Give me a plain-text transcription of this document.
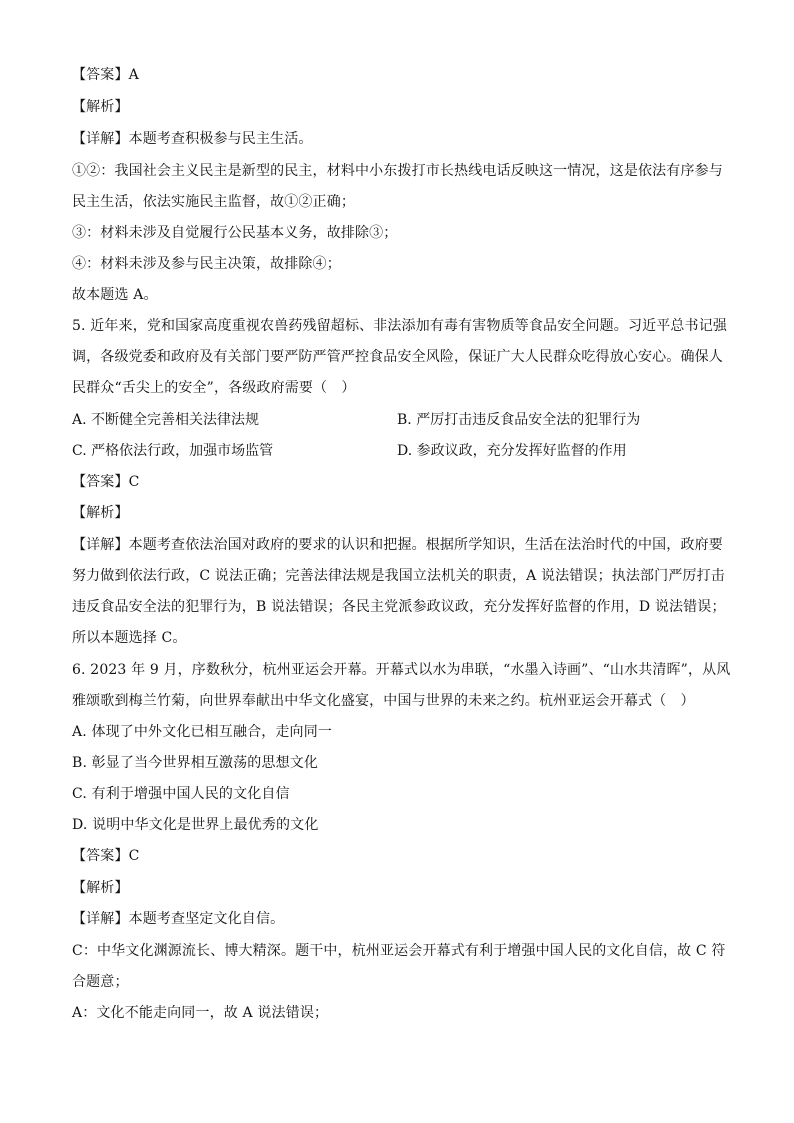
【答案】A
【解析】
【详解】本题考查积极参与民主生活。
①②：我国社会主义民主是新型的民主，材料中小东拨打市长热线电话反映这一情况，这是依法有序参与
民主生活，依法实施民主监督，故①②正确；
③：材料未涉及自觉履行公民基本义务，故排除③；
④：材料未涉及参与民主决策，故排除④；
故本题选 A。
5. 近年来，党和国家高度重视农兽药残留超标、非法添加有毒有害物质等食品安全问题。习近平总书记强
调，各级党委和政府及有关部门要严防严管严控食品安全风险，保证广大人民群众吃得放心安心。确保人
民群众“舌尖上的安全”，各级政府需要（　）
A. 不断健全完善相关法律法规	B. 严厉打击违反食品安全法的犯罪行为
C. 严格依法行政，加强市场监管	D. 参政议政，充分发挥好监督的作用
【答案】C
【解析】
【详解】本题考查依法治国对政府的要求的认识和把握。根据所学知识，生活在法治时代的中国，政府要
努力做到依法行政，C 说法正确；完善法律法规是我国立法机关的职责，A 说法错误；执法部门严厉打击
违反食品安全法的犯罪行为，B 说法错误；各民主党派参政议政，充分发挥好监督的作用，D 说法错误；
所以本题选择 C。
6. 2023 年 9 月，序数秋分，杭州亚运会开幕。开幕式以水为串联，“水墨入诗画”、“山水共清晖”，从风
雅颂歌到梅兰竹菊，向世界奉献出中华文化盛宴，中国与世界的未来之约。杭州亚运会开幕式（　）
A. 体现了中外文化已相互融合，走向同一
B. 彰显了当今世界相互激荡的思想文化
C. 有利于增强中国人民的文化自信
D. 说明中华文化是世界上最优秀的文化
【答案】C
【解析】
【详解】本题考查坚定文化自信。
C：中华文化渊源流长、博大精深。题干中，杭州亚运会开幕式有利于增强中国人民的文化自信，故 C 符
合题意；
A：文化不能走向同一，故 A 说法错误；
